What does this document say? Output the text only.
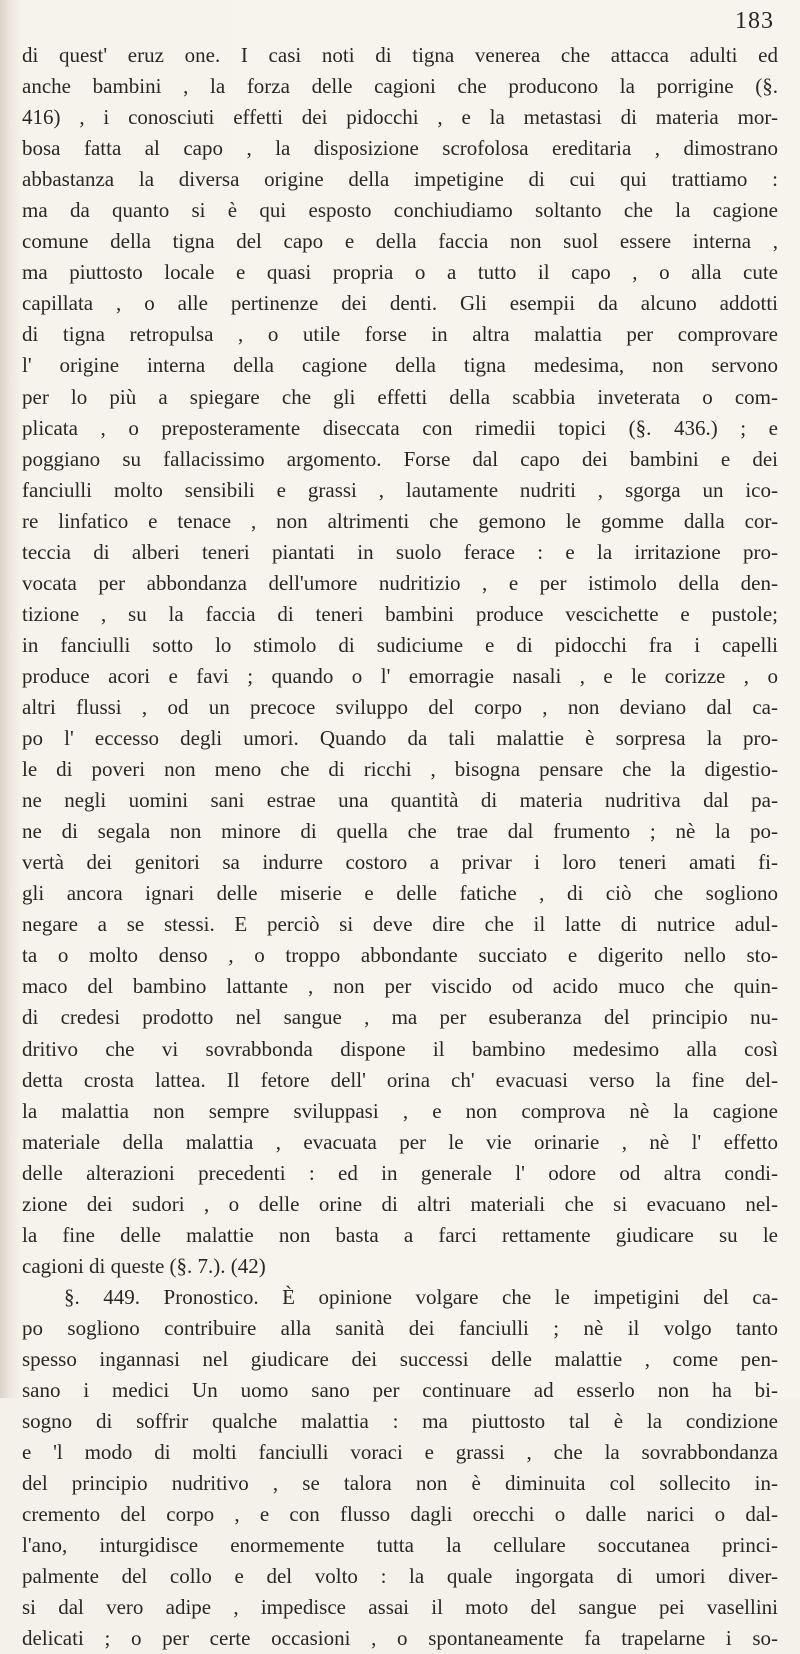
183
di quest' eruz one. I casi noti di tigna venerea che attacca adulti ed
anche bambini , la forza delle cagioni che producono la porrigine (§.
416) , i conosciuti effetti dei pidocchi , e la metastasi di materia mor-
bosa fatta al capo , la disposizione scrofolosa ereditaria , dimostrano
abbastanza la diversa origine della impetigine di cui qui trattiamo :
ma da quanto si è qui esposto conchiudiamo soltanto che la cagione
comune della tigna del capo e della faccia non suol essere interna ,
ma piuttosto locale e quasi propria o a tutto il capo , o alla cute
capillata , o alle pertinenze dei denti. Gli esempii da alcuno addotti
di tigna retropulsa , o utile forse in altra malattia per comprovare
l' origine interna della cagione della tigna medesima, non servono
per lo più a spiegare che gli effetti della scabbia inveterata o com-
plicata , o preposteramente diseccata con rimedii topici (§. 436.) ; e
poggiano su fallacissimo argomento. Forse dal capo dei bambini e dei
fanciulli molto sensibili e grassi , lautamente nudriti , sgorga un ico-
re linfatico e tenace , non altrimenti che gemono le gomme dalla cor-
teccia di alberi teneri piantati in suolo ferace : e la irritazione pro-
vocata per abbondanza dell'umore nudritizio , e per istimolo della den-
tizione , su la faccia di teneri bambini produce vescichette e pustole;
in fanciulli sotto lo stimolo di sudiciume e di pidocchi fra i capelli
produce acori e favi ; quando o l' emorragie nasali , e le corizze , o
altri flussi , od un precoce sviluppo del corpo , non deviano dal ca-
po l' eccesso degli umori. Quando da tali malattie è sorpresa la pro-
le di poveri non meno che di ricchi , bisogna pensare che la digestio-
ne negli uomini sani estrae una quantità di materia nudritiva dal pa-
ne di segala non minore di quella che trae dal frumento ; nè la po-
vertà dei genitori sa indurre costoro a privar i loro teneri amati fi-
gli ancora ignari delle miserie e delle fatiche , di ciò che sogliono
negare a se stessi. E perciò si deve dire che il latte di nutrice adul-
ta o molto denso , o troppo abbondante succiato e digerito nello sto-
maco del bambino lattante , non per viscido od acido muco che quin-
di credesi prodotto nel sangue , ma per esuberanza del principio nu-
dritivo che vi sovrabbonda dispone il bambino medesimo alla così
detta crosta lattea. Il fetore dell' orina ch' evacuasi verso la fine del-
la malattia non sempre sviluppasi , e non comprova nè la cagione
materiale della malattia , evacuata per le vie orinarie , nè l' effetto
delle alterazioni precedenti : ed in generale l' odore od altra condi-
zione dei sudori , o delle orine di altri materiali che si evacuano nel-
la fine delle malattie non basta a farci rettamente giudicare su le
cagioni di queste (§. 7.). (42)
§. 449. Pronostico. È opinione volgare che le impetigini del ca-
po sogliono contribuire alla sanità dei fanciulli ; nè il volgo tanto
spesso ingannasi nel giudicare dei successi delle malattie , come pen-
sano i medici Un uomo sano per continuare ad esserlo non ha bi-
sogno di soffrir qualche malattia : ma piuttosto tal è la condizione
e 'l modo di molti fanciulli voraci e grassi , che la sovrabbondanza
del principio nudritivo , se talora non è diminuita col sollecito in-
cremento del corpo , e con flusso dagli orecchi o dalle narici o dal-
l'ano, inturgidisce enormemente tutta la cellulare soccutanea princi-
palmente del collo e del volto : la quale ingorgata di umori diver-
si dal vero adipe , impedisce assai il moto del sangue pei vasellini
delicati ; o per certe occasioni , o spontaneamente fa trapelarne i so-
